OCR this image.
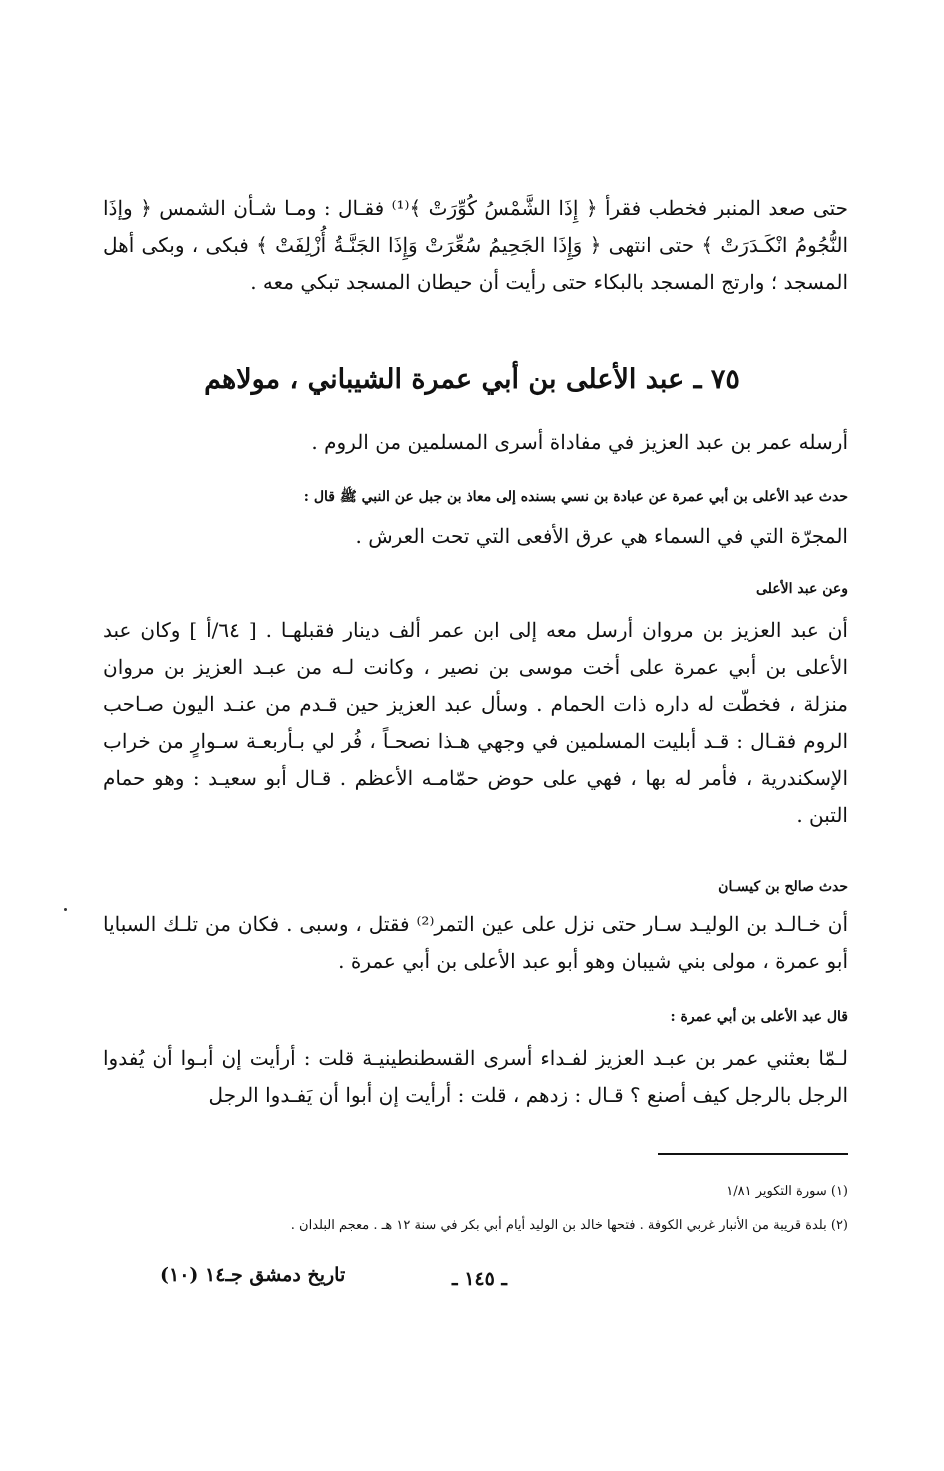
حتى صعد المنبر فخطب فقرأ ﴿ إِذَا الشَّمْسُ كُوِّرَتْ ﴾⁽¹⁾ فقـال : ومـا شـأن الشمس ﴿ وإذَا النُّجُومُ انْكَـدَرَتْ ﴾ حتى انتهى ﴿ وَإِذَا الجَحِيمُ سُعِّرَتْ وَإِذَا الجَنَّـةُ أُزْلِفَتْ ﴾ فبكى ، وبكى أهل المسجد ؛ وارتج المسجد بالبكاء حتى رأيت أن حيطان المسجد تبكي معه .

٧٥ ـ عبد الأعلى بن أبي عمرة الشيباني ، مولاهم

أرسله عمر بن عبد العزيز في مفاداة أسرى المسلمين من الروم .

حدث عبد الأعلى بن أبي عمرة عن عبادة بن نسي بسنده إلى معاذ بن جبل عن النبي ﷺ قال :

المجرّة التي في السماء هي عرق الأفعى التي تحت العرش .

وعن عبد الأعلى

أن عبد العزيز بن مروان أرسل معه إلى ابن عمر ألف دينار فقبلهـا . [ ٦٤/أ ] وكان عبد الأعلى بن أبي عمرة على أخت موسى بن نصير ، وكانت لـه من عبـد العزيز بن مروان منزلة ، فخطّت له داره ذات الحمام . وسأل عبد العزيز حين قـدم من عنـد اليون صـاحب الروم فقـال : قـد أبليت المسلمين في وجهي هـذا نصحـاً ، فُر لي بـأربعـة سـوارٍ من خراب الإسكندرية ، فأمر له بها ، فهي على حوض حمّامـه الأعظم . قـال أبو سعيـد : وهو حمام التبن .

حدث صالح بن كيسـان

أن خـالـد بن الوليـد سـار حتى نزل على عين التمر⁽²⁾ فقتل ، وسبى . فكان من تلـك السبايا أبو عمرة ، مولى بني شيبان وهو أبو عبد الأعلى بن أبي عمرة .

قال عبد الأعلى بن أبي عمرة :

لـمّا بعثني عمر بن عبـد العزيز لفـداء أسرى القسطنطينيـة قلت : أرأيت إن أبـوا أن يُفدوا الرجل بالرجل كيف أصنع ؟ قـال : زدهم ، قلت : أرأيت إن أبوا أن يَفـدوا الرجل

(١) سورة التكوير ١/٨١

(٢) بلدة قريبة من الأنبار غربي الكوفة . فتحها خالد بن الوليد أيام أبي بكر في سنة ١٢ هـ . معجم البلدان .

ـ ١٤٥ ـ
تاريخ دمشق جـ١٤ (١٠)
